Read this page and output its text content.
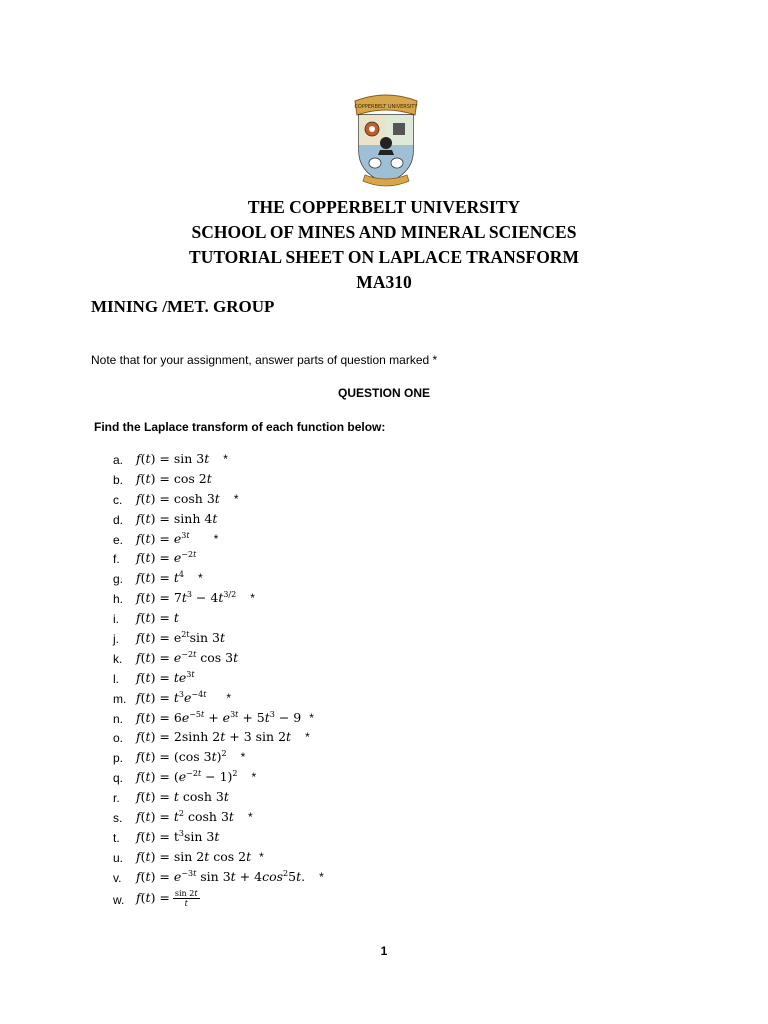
COPPERBELT UNIVERSITY
THE COPPERBELT UNIVERSITY
SCHOOL OF MINES AND MINERAL SCIENCES
TUTORIAL SHEET ON LAPLACE TRANSFORM
MA310
MINING /MET. GROUP
Note that for your assignment, answer parts of question marked *
QUESTION ONE
Find the Laplace transform of each function below:
a. f(t) = sin 3t *
b. f(t) = cos 2t
c. f(t) = cosh 3t *
d. f(t) = sinh 4t
e. $f(t) = e^{3t}$ *
f. $f(t) = e^{-2t}$
g. $f(t) = t^4$ *
h. $f(t) = 7t^3 - 4t^{3/2}$ *
i. f(t) = t
j. $f(t) = e^{2t}\sin$ 3t
k. $f(t) = e^{-2t}$ cos 3t
l. $f(t) = te^{3t}$
m. $f(t) = t^3e^{-4t}$ *
n. $f(t) = 6e^{-5t} + e^{3t} + 5t^3 - 9$ *
o. f(t) = 2sinh 2t + 3 sin 2t *
p. f(t) = (cos 3t)$^2$ *
q. $f(t) = (e^{-2t} - 1)^2$ *
r. f(t) = t cosh 3t
s. $f(t) = t^2$ cosh 3t *
t. $f(t) = t^3\sin$ 3t
u. f(t) = sin 2t cos 2t *
v. $f(t) = e^{-3t}$ $\sin 3t + 4\cos^25t$. *
w. $f(t) = \frac{\sin 2t}{t}$
1
